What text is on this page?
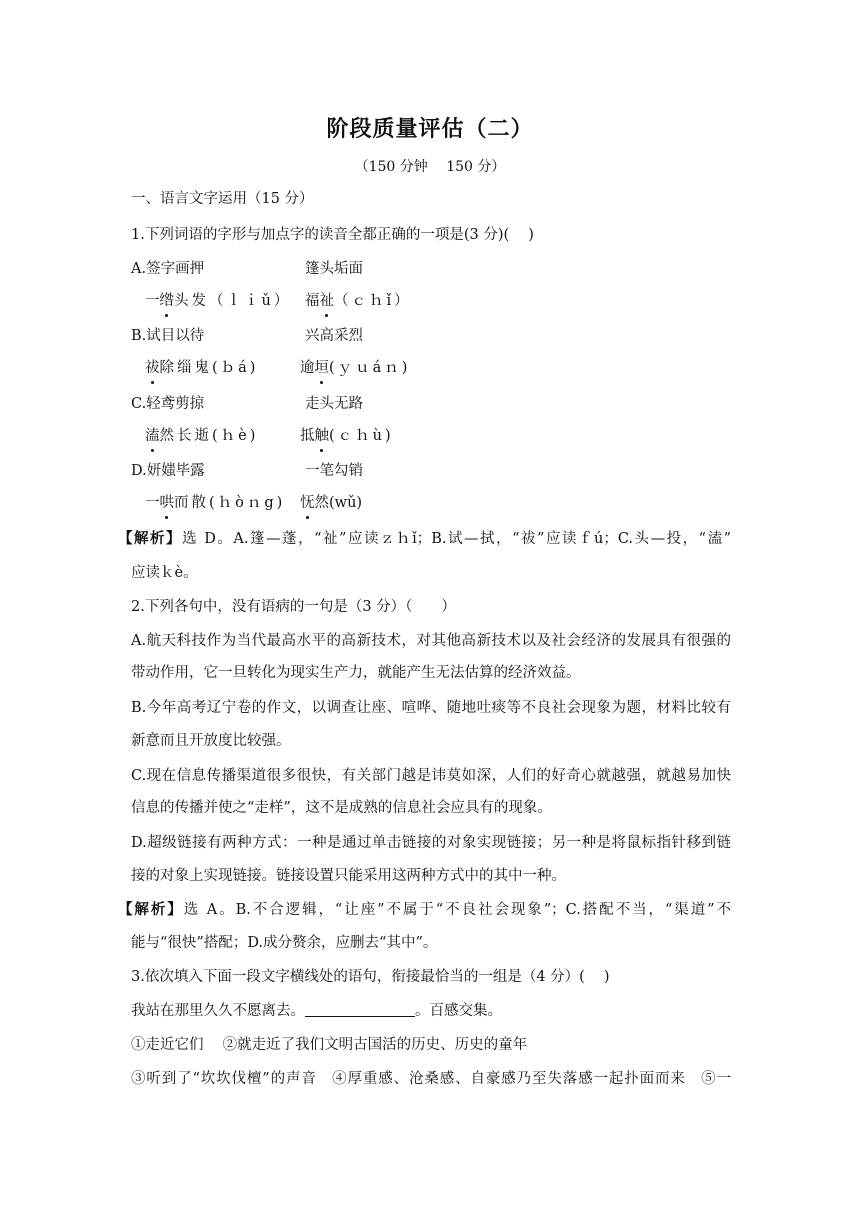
阶段质量评估（二）
（150 分钟　 150 分）
一、语言文字运用（15 分）
1.下列词语的字形与加点字的读音全都正确的一项是(3 分)(　 )
A.签字画押	篷头垢面
一绺头发（ｌｉǔ） 福祉（ｃｈǐ）
B.试目以待	兴高采烈
祓除缁鬼(ｂá)	逾垣(ｙｕáｎ)
C.轻鸢剪掠	走头无路
溘然长逝(ｈè)	抵触(ｃｈù)
D.妍媸毕露	一笔勾销
一哄而散(ｈòｎg) 怃然(wǔ)
【解析】选 D。A.篷—蓬，“祉”应读ｚｈǐ；B.试—拭，“祓”应读ｆú；C.头—投，“溘”
应读ｋè。
2.下列各句中，没有语病的一句是（3 分）（　　）
A.航天科技作为当代最高水平的高新技术，对其他高新技术以及社会经济的发展具有很强的
带动作用，它一旦转化为现实生产力，就能产生无法估算的经济效益。
B.今年高考辽宁卷的作文，以调查让座、喧哗、随地吐痰等不良社会现象为题，材料比较有
新意而且开放度比较强。
C.现在信息传播渠道很多很快，有关部门越是讳莫如深，人们的好奇心就越强，就越易加快
信息的传播并使之“走样”，这不是成熟的信息社会应具有的现象。
D.超级链接有两种方式：一种是通过单击链接的对象实现链接；另一种是将鼠标指针移到链
接的对象上实现链接。链接设置只能采用这两种方式中的其中一种。
【解析】选 A。B.不合逻辑，“让座”不属于“不良社会现象”；C.搭配不当，“渠道”不
能与“很快”搭配；D.成分赘余，应删去“其中”。
3.依次填入下面一段文字横线处的语句，衔接最恰当的一组是（4 分）(　 )
我站在那里久久不愿离去。	。百感交集。
①走近它们　 ②就走近了我们文明古国活的历史、历史的童年
③听到了“坎坎伐檀”的声音　④厚重感、沧桑感、自豪感乃至失落感一起扑面而来　⑤一
